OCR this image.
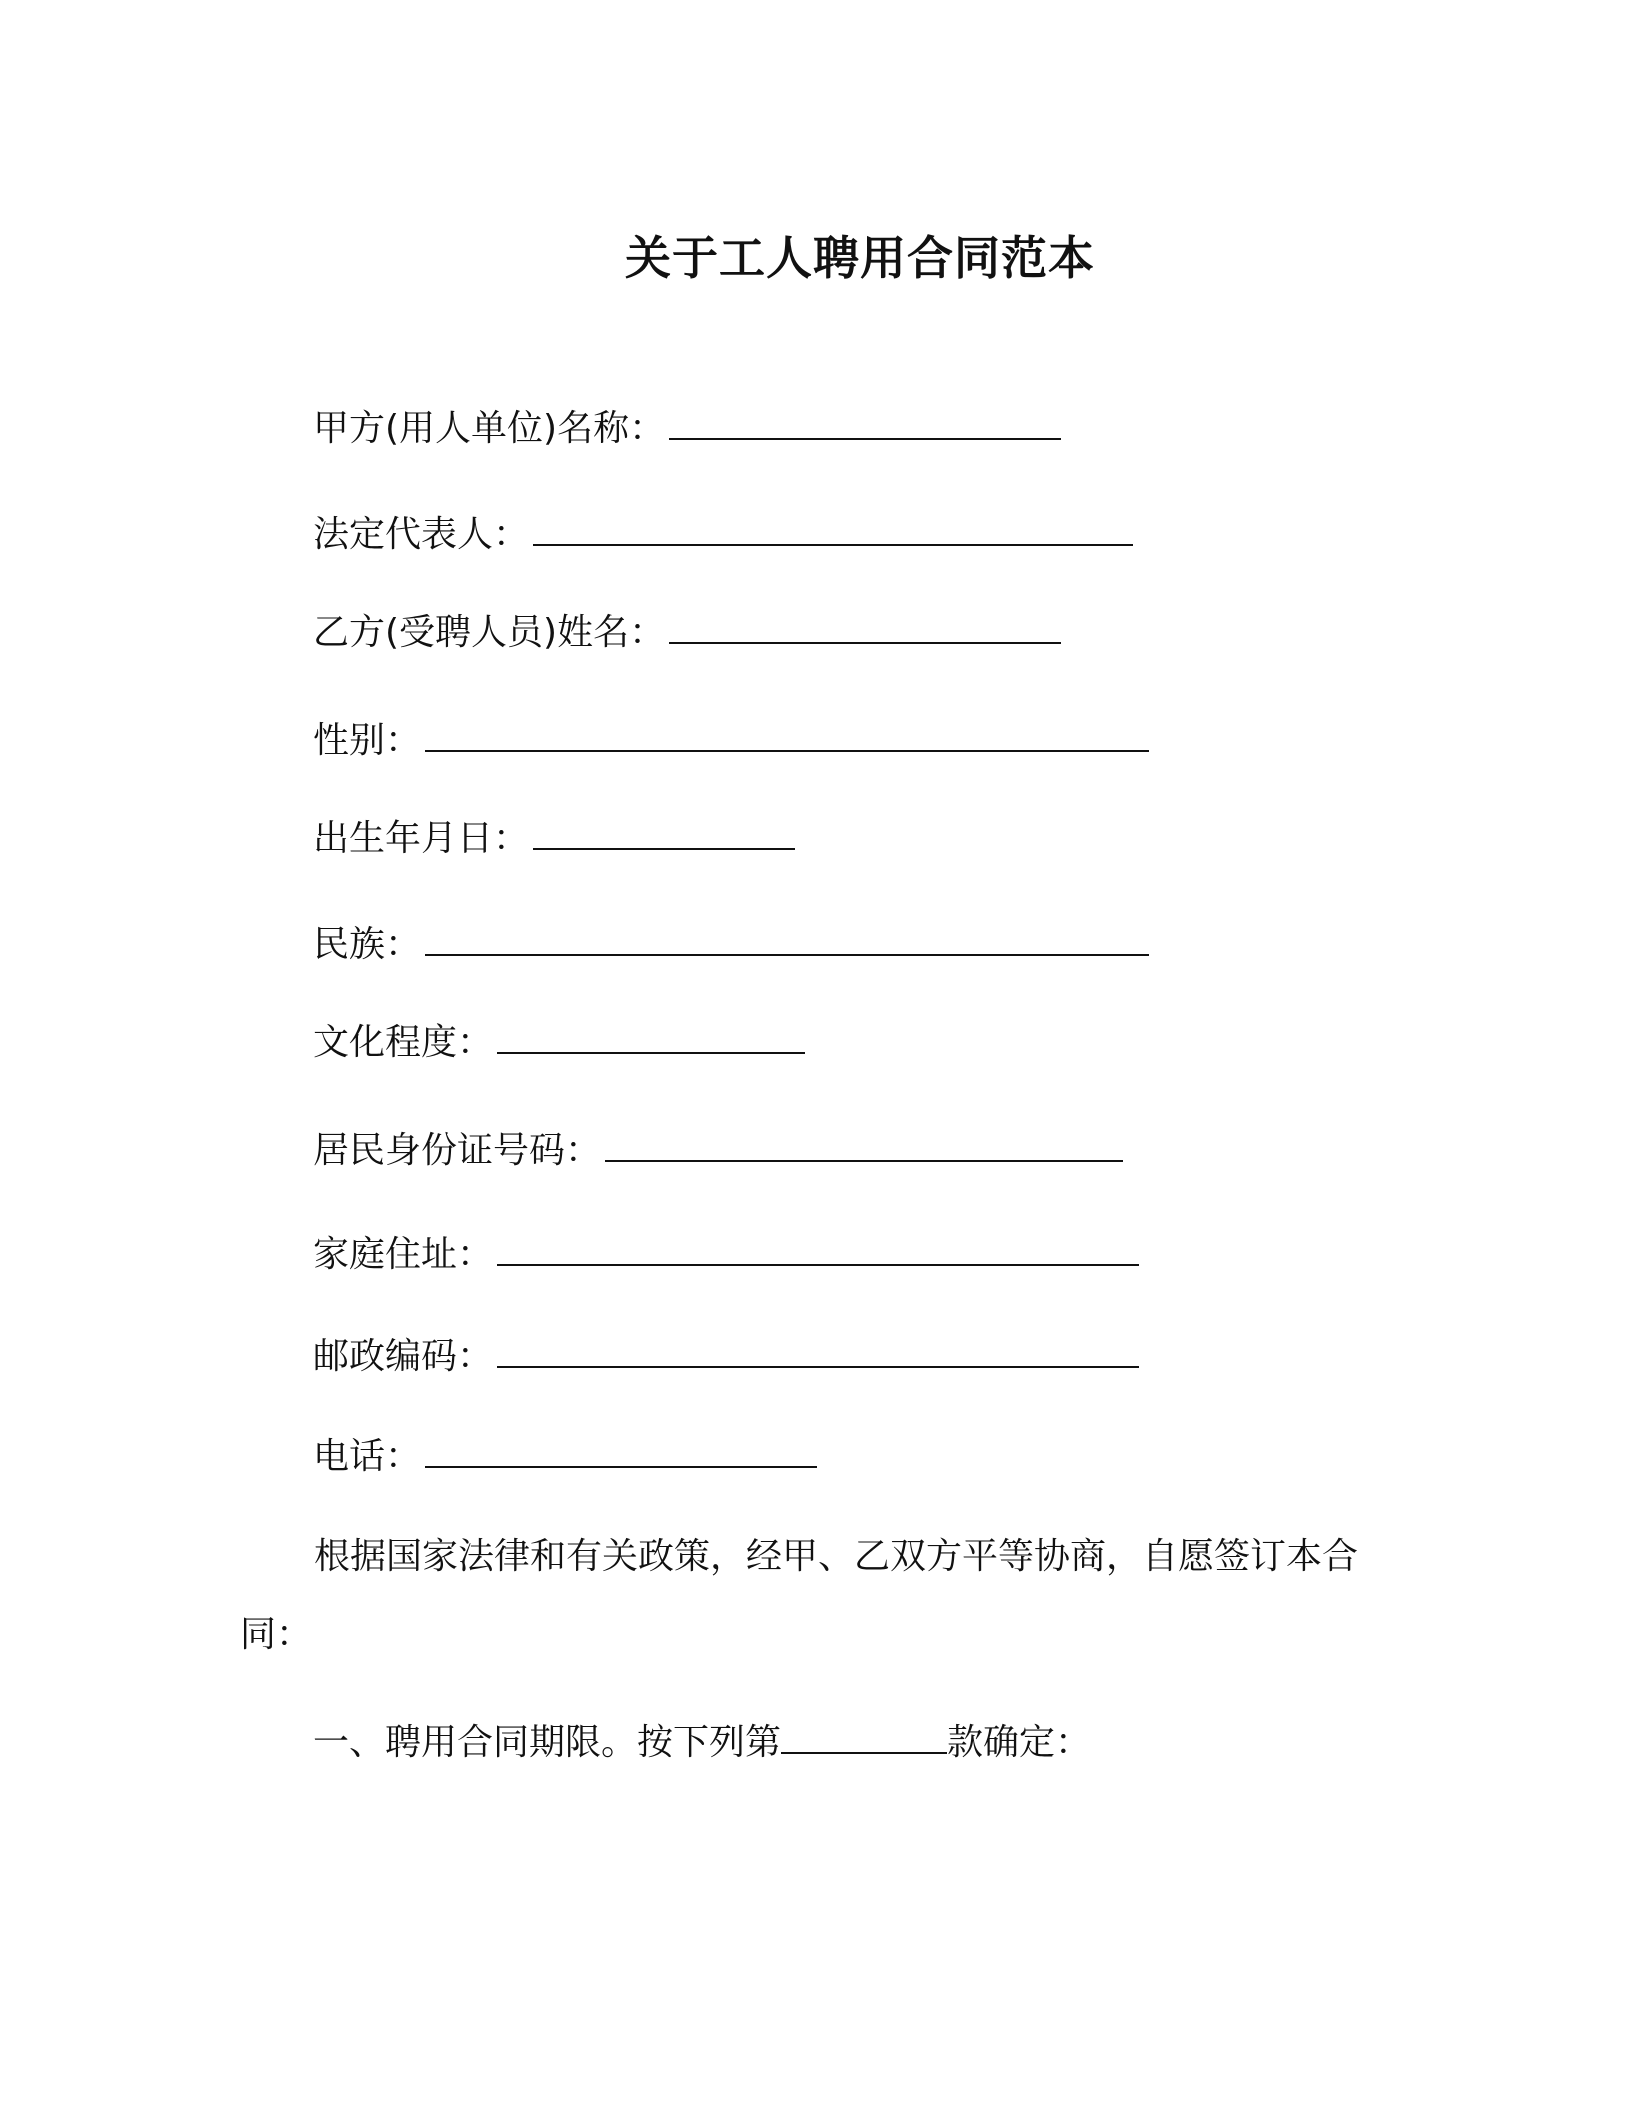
关于工人聘用合同范本
甲方(用人单位)名称：
法定代表人：
乙方(受聘人员)姓名：
性别：
出生年月日：
民族：
文化程度：
居民身份证号码：
家庭住址：
邮政编码：
电话：
根据国家法律和有关政策，经甲、乙双方平等协商，自愿签订本合同：
一、聘用合同期限。按下列第	款确定：
